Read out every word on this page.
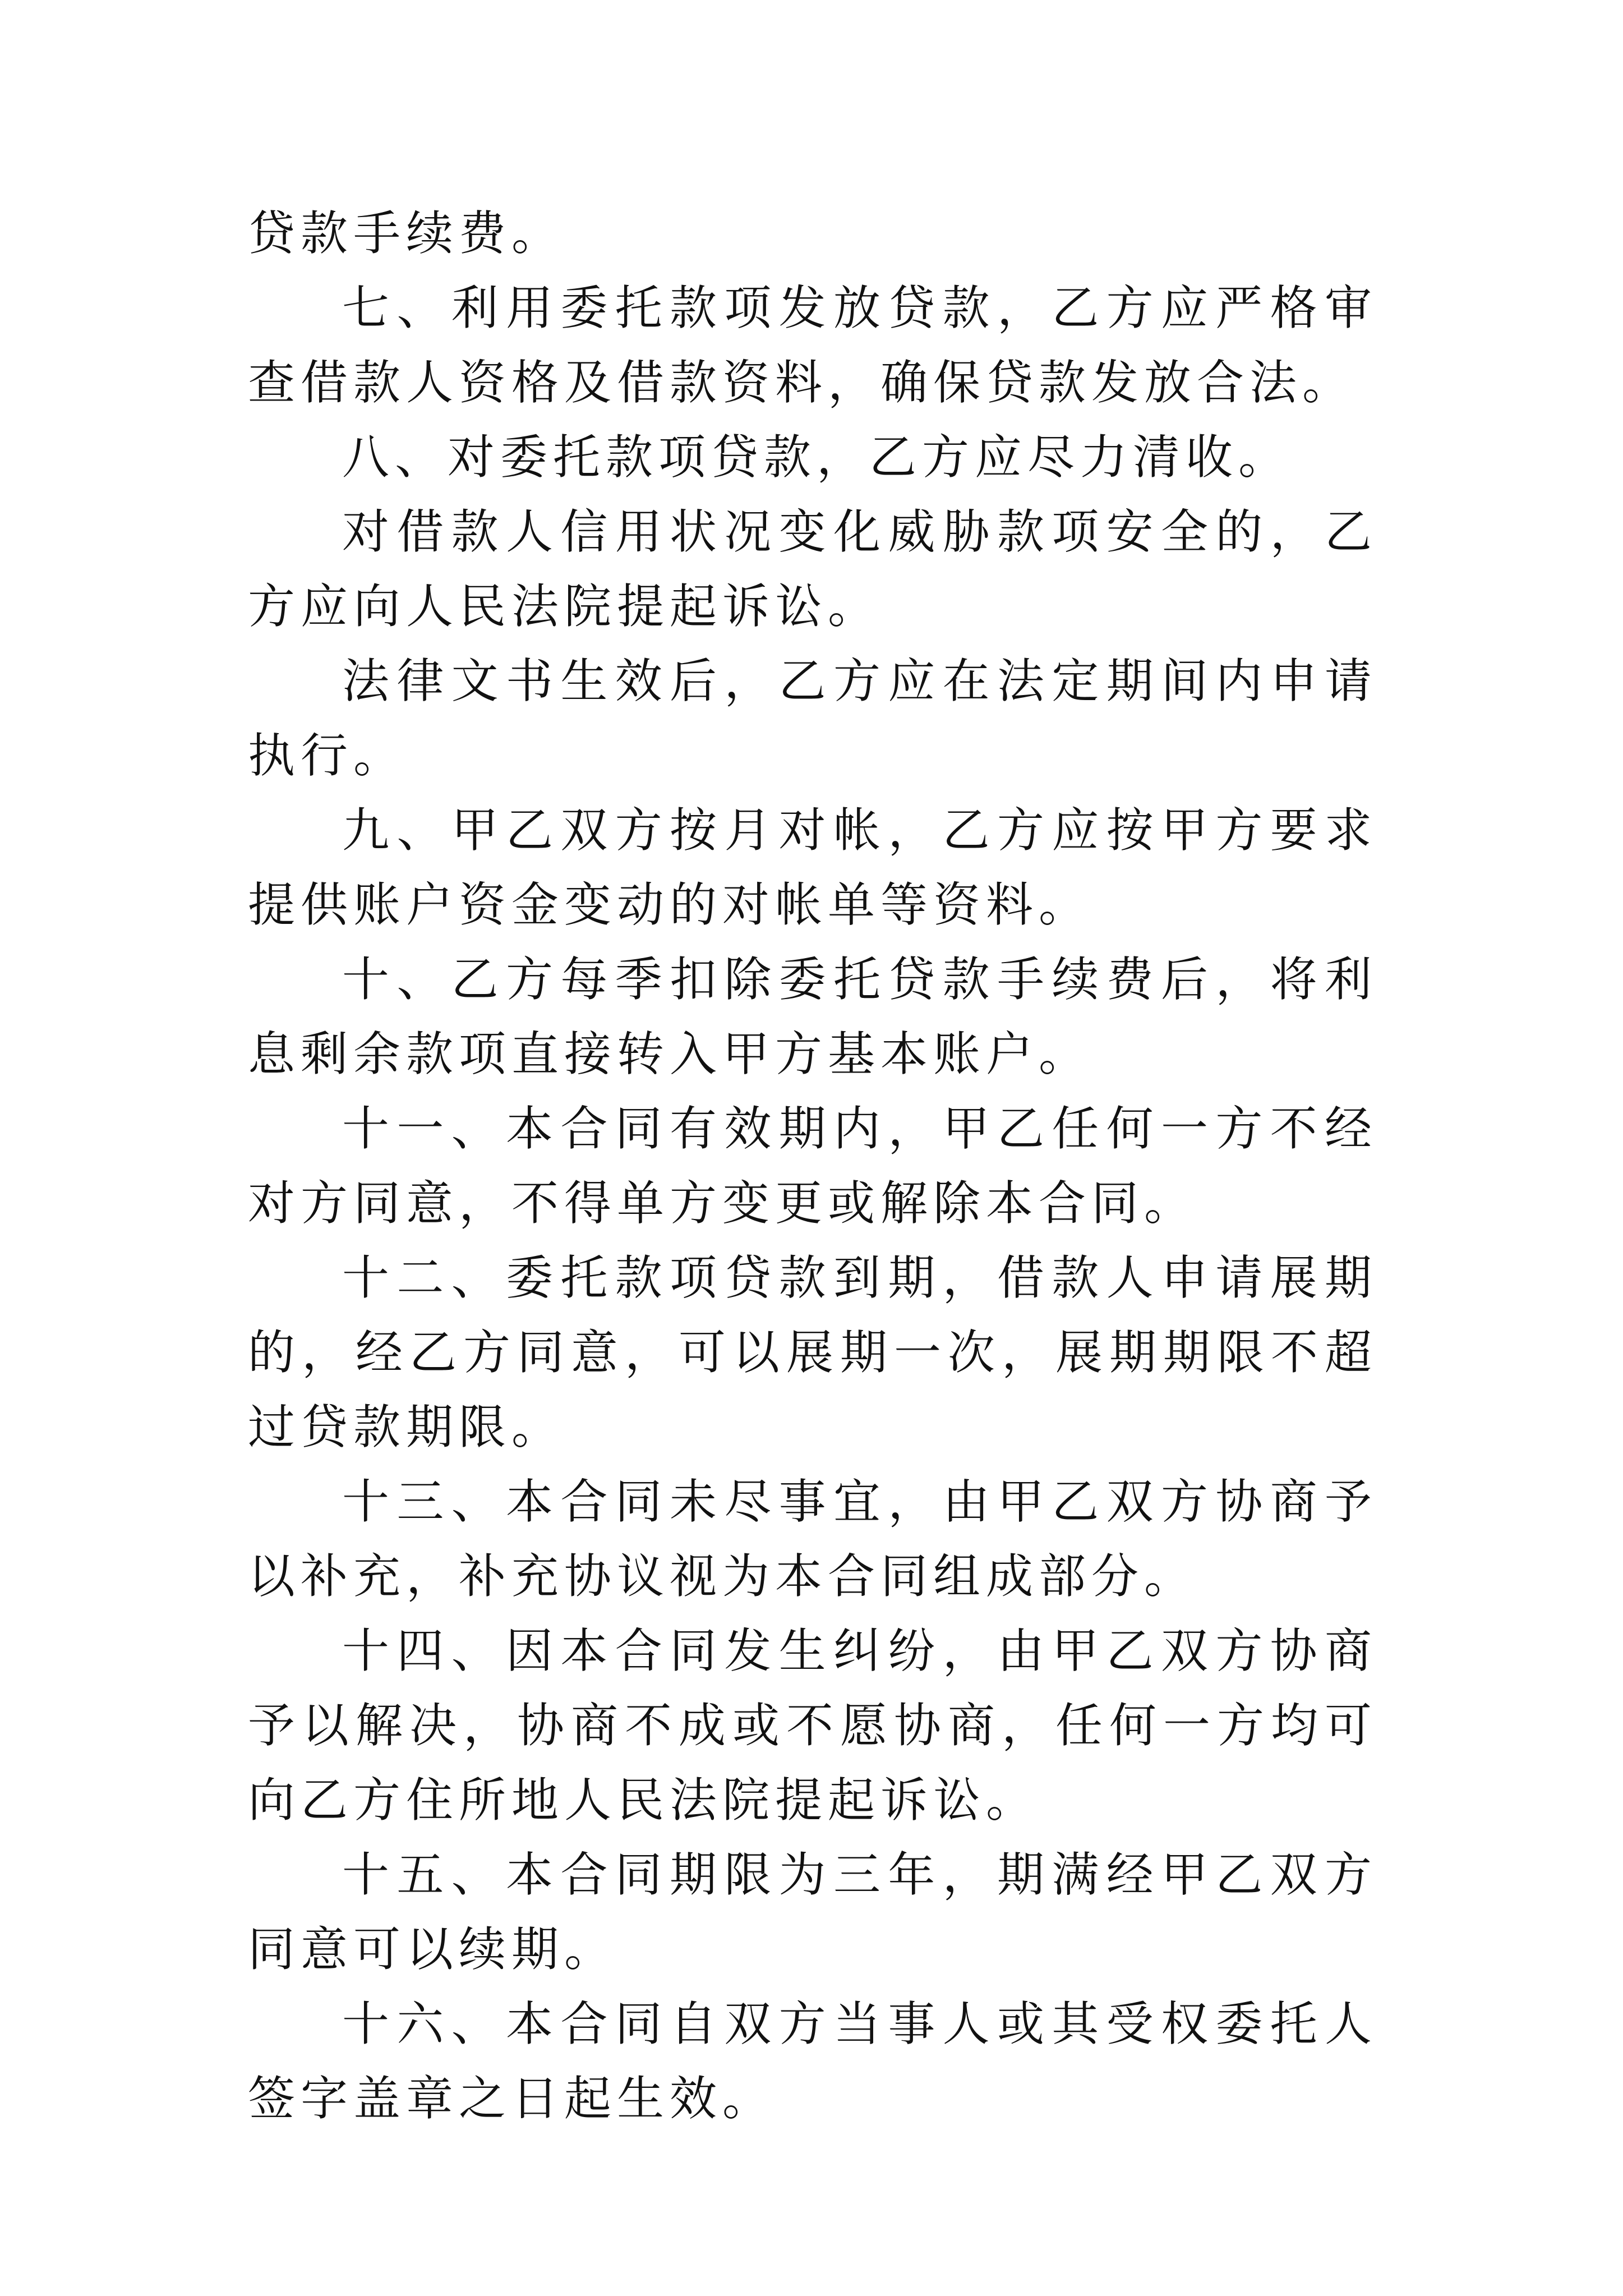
贷款手续费。

七、利用委托款项发放贷款，乙方应严格审查借款人资格及借款资料，确保贷款发放合法。

八、对委托款项贷款，乙方应尽力清收。

对借款人信用状况变化威胁款项安全的，乙方应向人民法院提起诉讼。

法律文书生效后，乙方应在法定期间内申请执行。

九、甲乙双方按月对帐，乙方应按甲方要求提供账户资金变动的对帐单等资料。

十、乙方每季扣除委托贷款手续费后，将利息剩余款项直接转入甲方基本账户。

十一、本合同有效期内，甲乙任何一方不经对方同意，不得单方变更或解除本合同。

十二、委托款项贷款到期，借款人申请展期的，经乙方同意，可以展期一次，展期期限不超过贷款期限。

十三、本合同未尽事宜，由甲乙双方协商予以补充，补充协议视为本合同组成部分。

十四、因本合同发生纠纷，由甲乙双方协商予以解决，协商不成或不愿协商，任何一方均可向乙方住所地人民法院提起诉讼。

十五、本合同期限为三年，期满经甲乙双方同意可以续期。

十六、本合同自双方当事人或其受权委托人签字盖章之日起生效。
